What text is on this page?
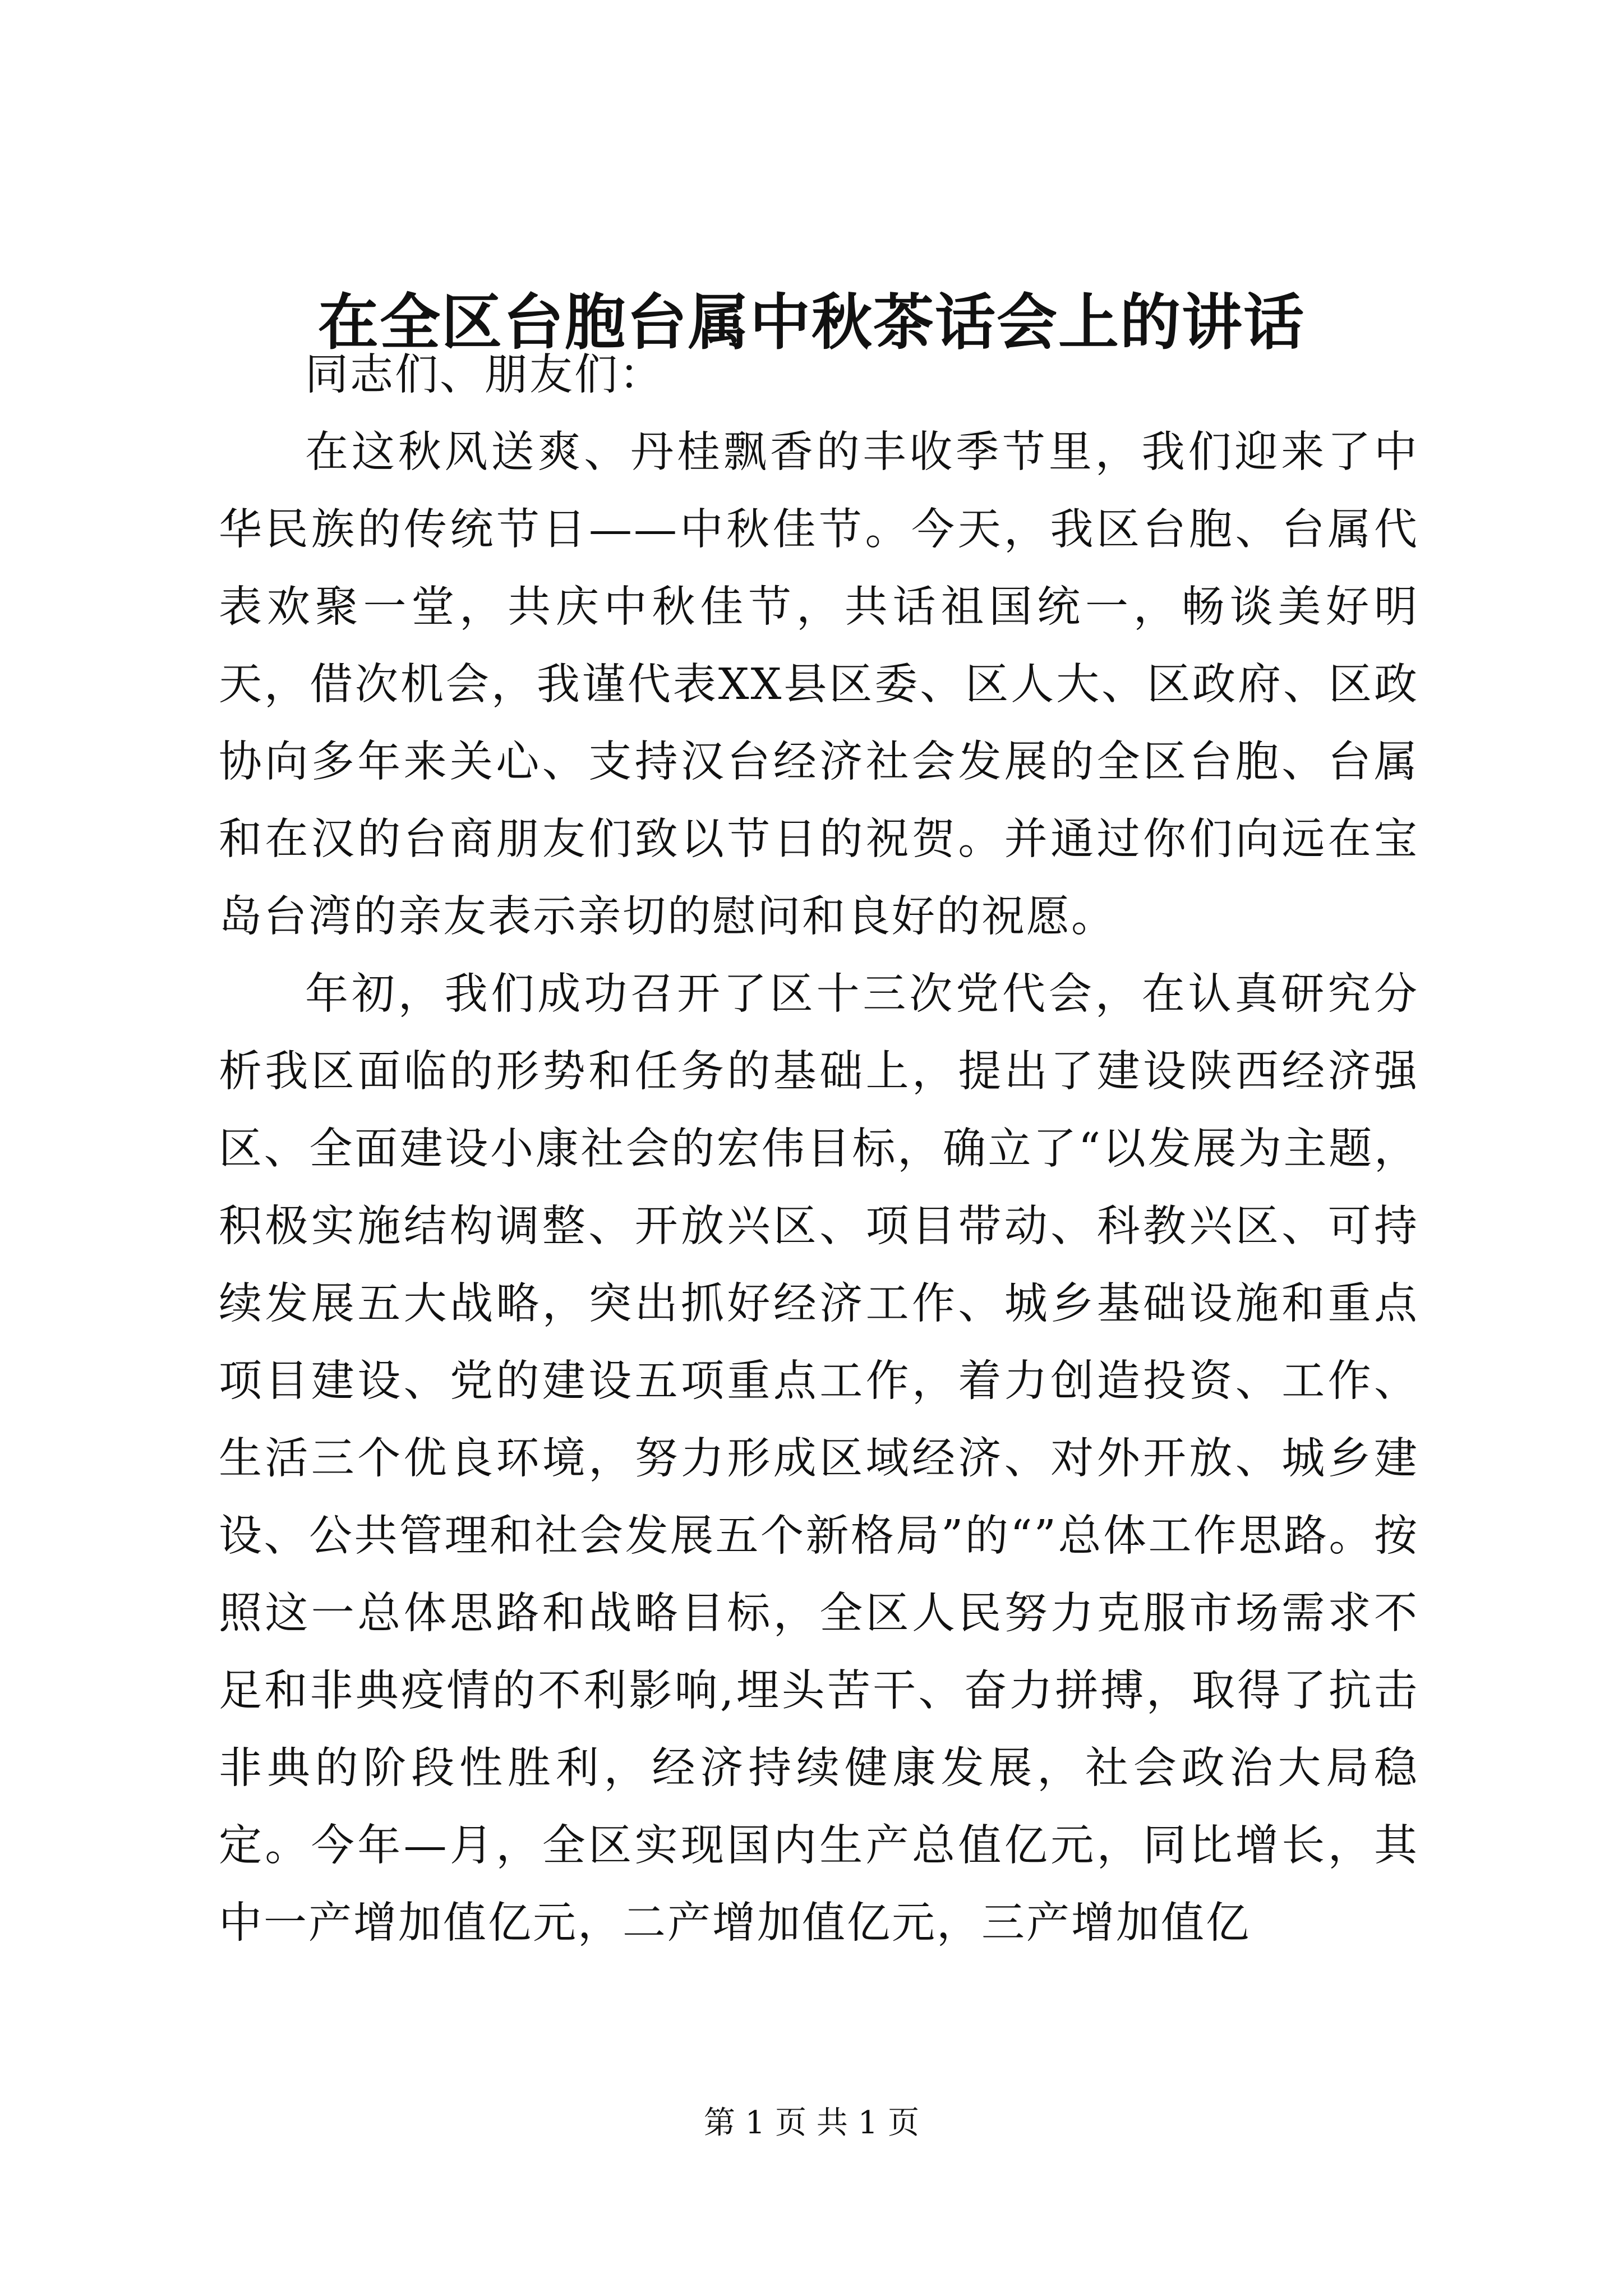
在全区台胞台属中秋茶话会上的讲话

同志们、朋友们：

在这秋风送爽、丹桂飘香的丰收季节里，我们迎来了中华民族的传统节日——中秋佳节。今天，我区台胞、台属代表欢聚一堂，共庆中秋佳节，共话祖国统一，畅谈美好明天，借次机会，我谨代表XX县区委、区人大、区政府、区政协向多年来关心、支持汉台经济社会发展的全区台胞、台属和在汉的台商朋友们致以节日的祝贺。并通过你们向远在宝岛台湾的亲友表示亲切的慰问和良好的祝愿。

年初，我们成功召开了区十三次党代会，在认真研究分析我区面临的形势和任务的基础上，提出了建设陕西经济强区、全面建设小康社会的宏伟目标，确立了“以发展为主题，积极实施结构调整、开放兴区、项目带动、科教兴区、可持续发展五大战略，突出抓好经济工作、城乡基础设施和重点项目建设、党的建设五项重点工作，着力创造投资、工作、生活三个优良环境，努力形成区域经济、对外开放、城乡建设、公共管理和社会发展五个新格局”的“”总体工作思路。按照这一总体思路和战略目标，全区人民努力克服市场需求不足和非典疫情的不利影响,埋头苦干、奋力拼搏，取得了抗击非典的阶段性胜利，经济持续健康发展，社会政治大局稳定。今年—月，全区实现国内生产总值亿元，同比增长，其中一产增加值亿元，二产增加值亿元，三产增加值亿

第 1 页 共 1 页
